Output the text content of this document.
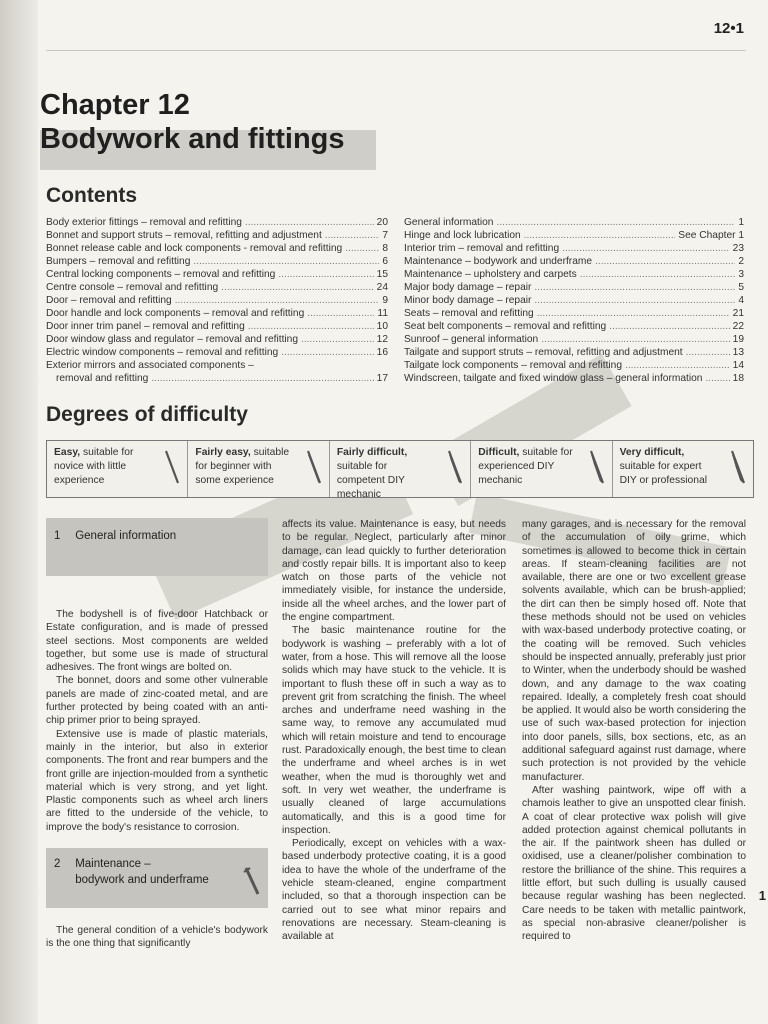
12•1
Chapter 12
Bodywork and fittings
Contents
Body exterior fittings – removal and refitting .....	20
Bonnet and support struts – removal, refitting and adjustment .....	7
Bonnet release cable and lock components - removal and refitting .....	8
Bumpers – removal and refitting .....	6
Central locking components – removal and refitting .....	15
Centre console – removal and refitting .....	24
Door – removal and refitting .....	9
Door handle and lock components – removal and refitting .....	11
Door inner trim panel – removal and refitting .....	10
Door window glass and regulator – removal and refitting .....	12
Electric window components – removal and refitting .....	16
Exterior mirrors and associated components –
removal and refitting .....	17
General information .....	1
Hinge and lock lubrication .....	See Chapter 1
Interior trim – removal and refitting .....	23
Maintenance – bodywork and underframe .....	2
Maintenance – upholstery and carpets .....	3
Major body damage – repair .....	5
Minor body damage – repair .....	4
Seats – removal and refitting .....	21
Seat belt components – removal and refitting .....	22
Sunroof – general information .....	19
Tailgate and support struts – removal, refitting and adjustment .....	13
Tailgate lock components – removal and refitting .....	14
Windscreen, tailgate and fixed window glass – general information .....	18
Degrees of difficulty
Easy, suitable for novice with little experience
Fairly easy, suitable for beginner with some experience
Fairly difficult, suitable for competent DIY mechanic
Difficult, suitable for experienced DIY mechanic
Very difficult, suitable for expert DIY or professional
1 General information

The bodyshell is of five-door Hatchback or Estate configuration, and is made of pressed steel sections. Most components are welded together, but some use is made of structural adhesives. The front wings are bolted on.

The bonnet, doors and some other vulnerable panels are made of zinc-coated metal, and are further protected by being coated with an anti-chip primer prior to being sprayed.

Extensive use is made of plastic materials, mainly in the interior, but also in exterior components. The front and rear bumpers and the front grille are injection-moulded from a synthetic material which is very strong, and yet light. Plastic components such as wheel arch liners are fitted to the underside of the vehicle, to improve the body's resistance to corrosion.

2 Maintenance –
bodywork and underframe

The general condition of a vehicle's bodywork is the one thing that significantly

affects its value. Maintenance is easy, but needs to be regular. Neglect, particularly after minor damage, can lead quickly to further deterioration and costly repair bills. It is important also to keep watch on those parts of the vehicle not immediately visible, for instance the underside, inside all the wheel arches, and the lower part of the engine compartment.

The basic maintenance routine for the bodywork is washing – preferably with a lot of water, from a hose. This will remove all the loose solids which may have stuck to the vehicle. It is important to flush these off in such a way as to prevent grit from scratching the finish. The wheel arches and underframe need washing in the same way, to remove any accumulated mud which will retain moisture and tend to encourage rust. Paradoxically enough, the best time to clean the underframe and wheel arches is in wet weather, when the mud is thoroughly wet and soft. In very wet weather, the underframe is usually cleaned of large accumulations automatically, and this is a good time for inspection.

Periodically, except on vehicles with a wax-based underbody protective coating, it is a good idea to have the whole of the underframe of the vehicle steam-cleaned, engine compartment included, so that a thorough inspection can be carried out to see what minor repairs and renovations are necessary. Steam-cleaning is available at

many garages, and is necessary for the removal of the accumulation of oily grime, which sometimes is allowed to become thick in certain areas. If steam-cleaning facilities are not available, there are one or two excellent grease solvents available, which can be brush-applied; the dirt can then be simply hosed off. Note that these methods should not be used on vehicles with wax-based underbody protective coating, or the coating will be removed. Such vehicles should be inspected annually, preferably just prior to Winter, when the underbody should be washed down, and any damage to the wax coating repaired. Ideally, a completely fresh coat should be applied. It would also be worth considering the use of such wax-based protection for injection into door panels, sills, box sections, etc, as an additional safeguard against rust damage, where such protection is not provided by the vehicle manufacturer.

After washing paintwork, wipe off with a chamois leather to give an unspotted clear finish. A coat of clear protective wax polish will give added protection against chemical pollutants in the air. If the paintwork sheen has dulled or oxidised, use a cleaner/polisher combination to restore the brilliance of the shine. This requires a little effort, but such dulling is usually caused because regular washing has been neglected. Care needs to be taken with metallic paintwork, as special non-abrasive cleaner/polisher is required to

1
